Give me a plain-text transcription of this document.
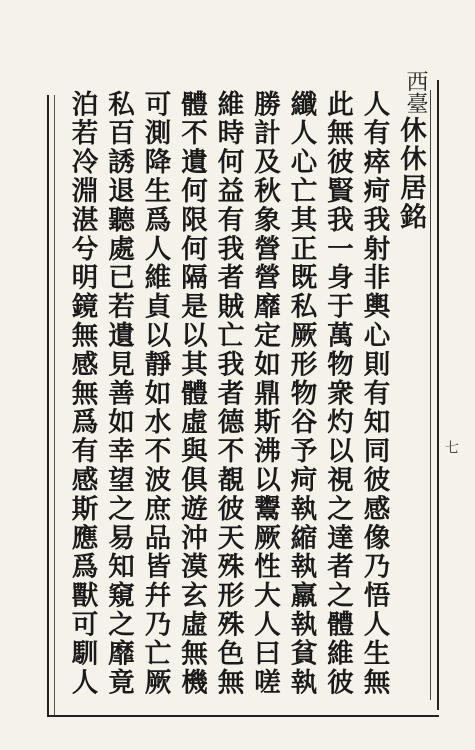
西臺
七
休休居銘
人有瘁疴我射非輿心則有知同彼感像乃悟人生無
此無彼賢我一身于萬物衆灼以視之達者之體維彼
纖人心亡其正既私厥形物谷予疴執縮執羸執貧執
勝計及秋象營營靡定如鼎斯沸以鬻厥性大人曰嗟
維時何益有我者賊亡我者德不覩彼天殊形殊色無
體不遺何限何隔是以其體虛與俱遊沖漠玄虛無機
可測降生爲人維貞以靜如水不波庶品皆幷乃亡厥
私百誘退聽處已若遺見善如幸望之易知窺之靡竟
泊若冷淵湛兮明鏡無感無爲有感斯應爲獸可馴人
